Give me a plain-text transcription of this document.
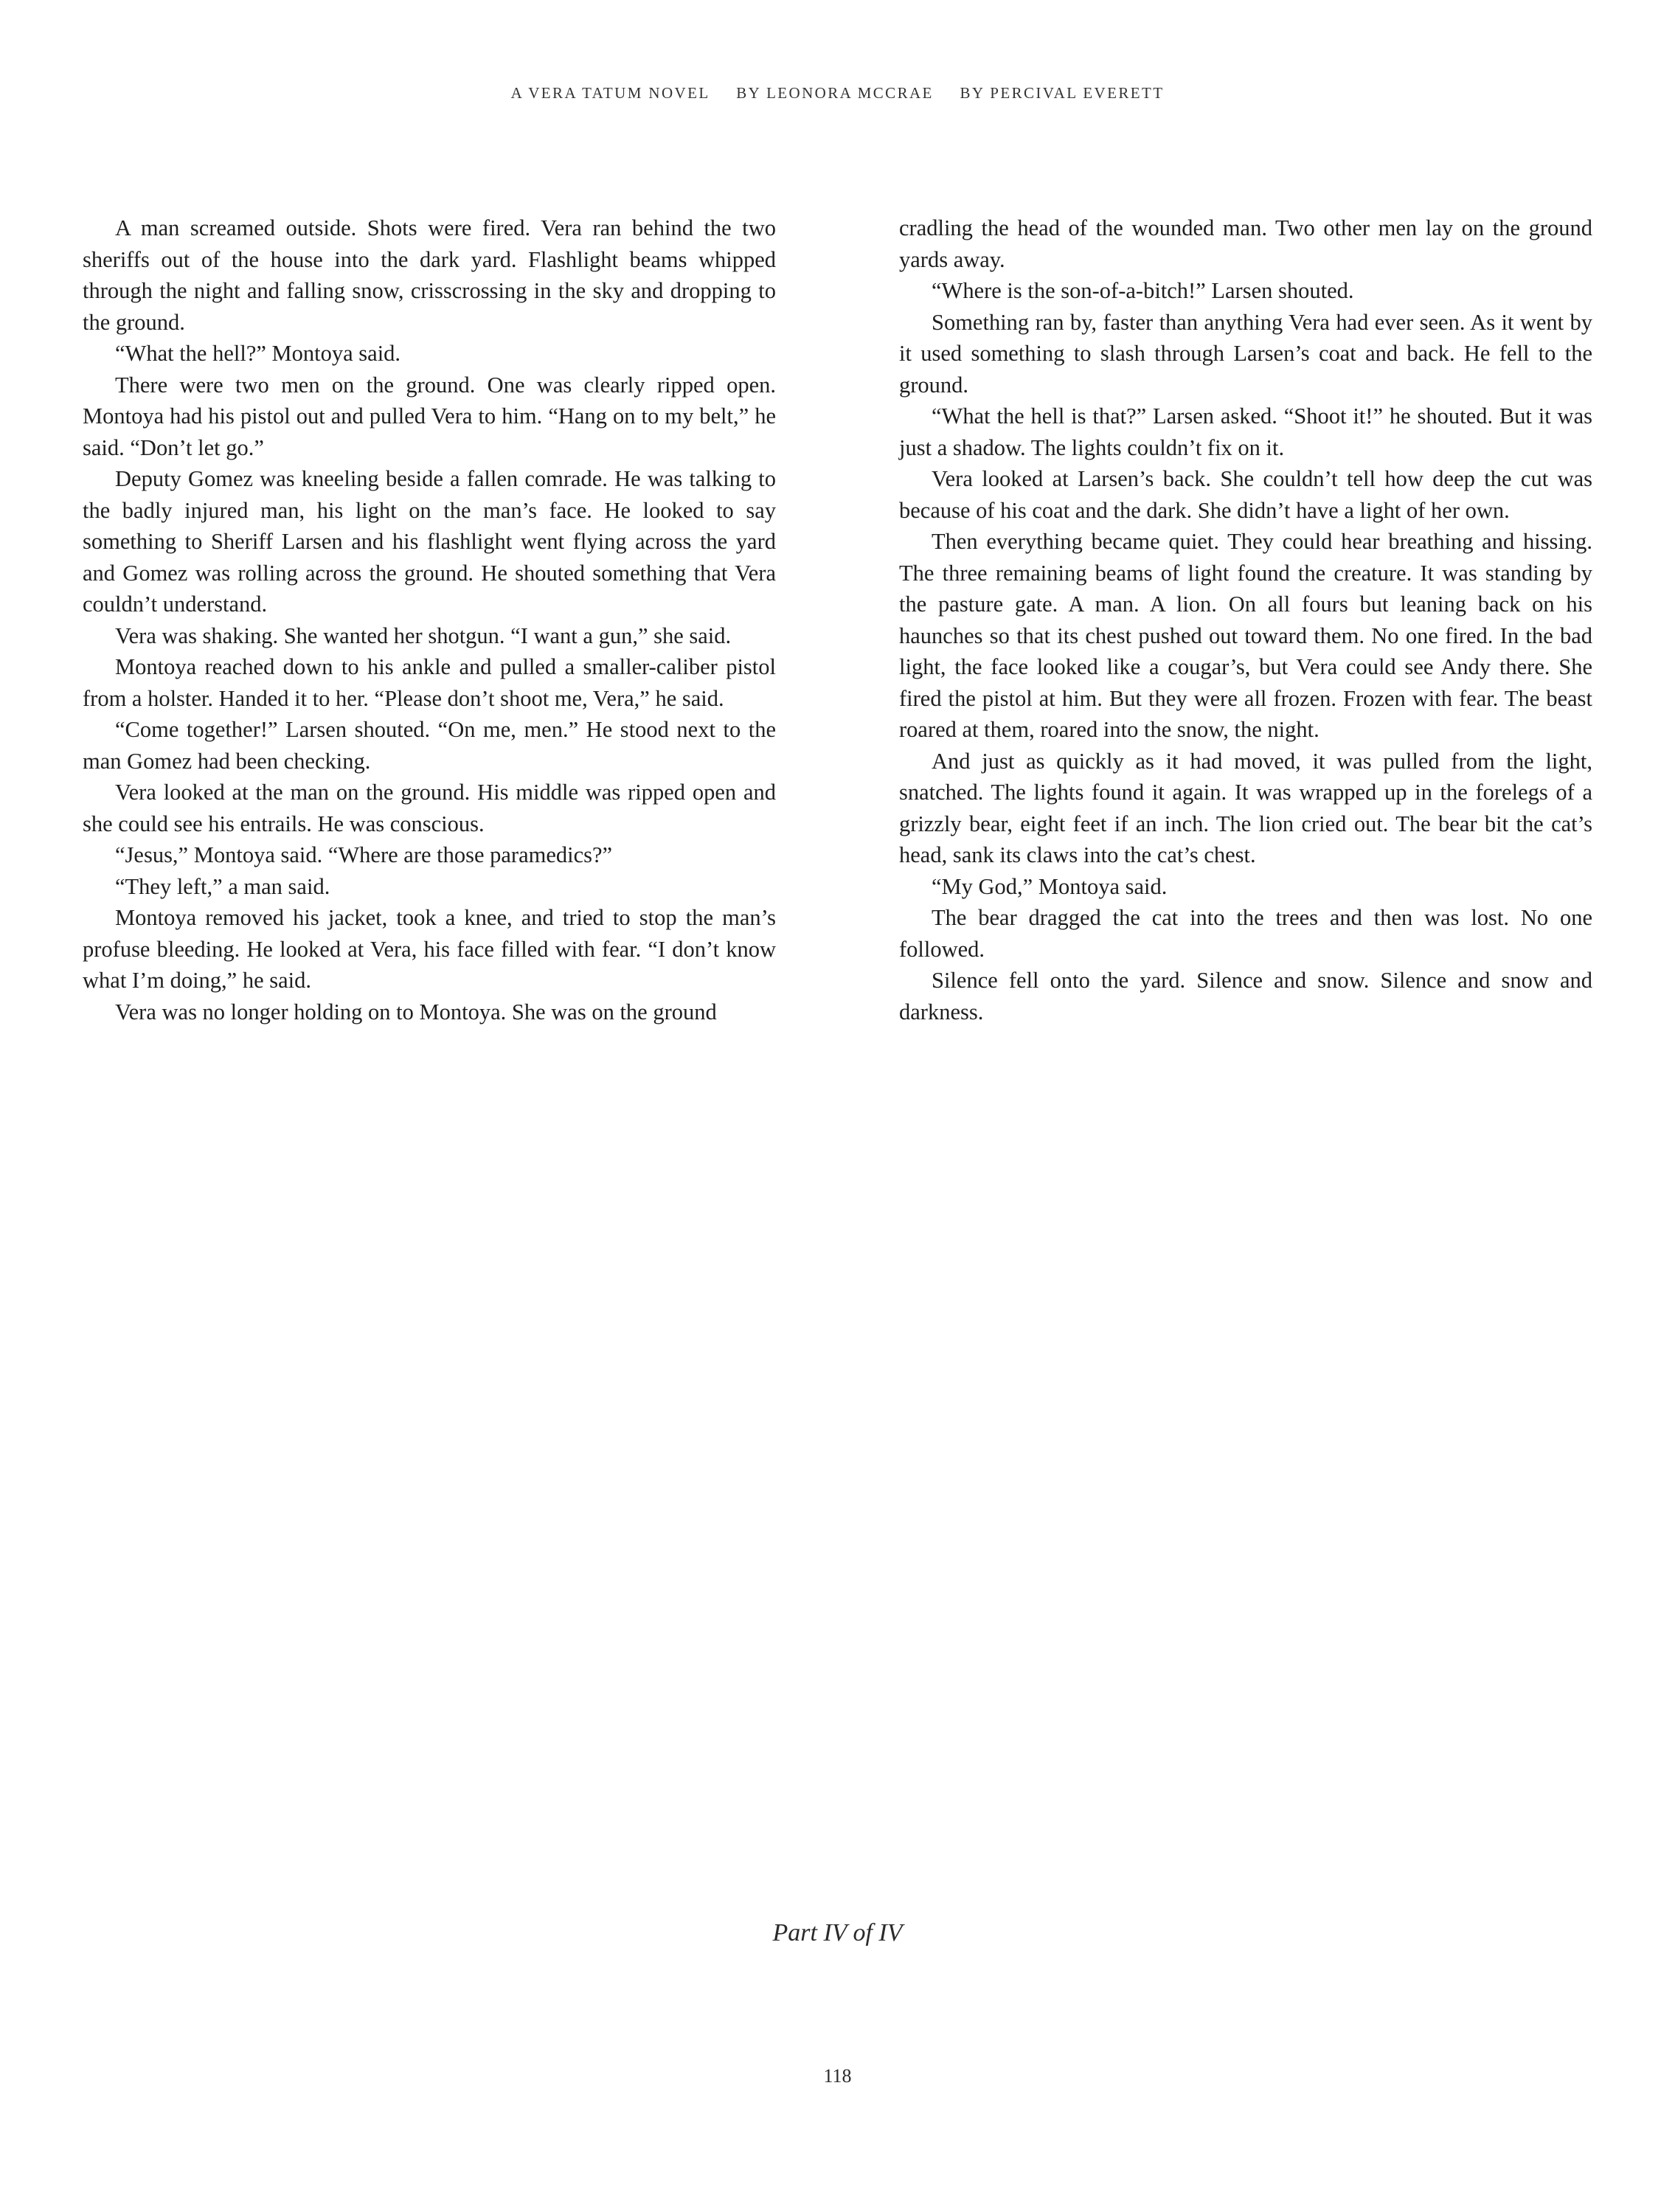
A VERA TATUM NOVEL BY LEONORA MCCRAE BY PERCIVAL EVERETT

A man screamed outside. Shots were fired. Vera ran behind the two sheriffs out of the house into the dark yard. Flashlight beams whipped through the night and falling snow, crisscrossing in the sky and dropping to the ground.

“What the hell?” Montoya said.

There were two men on the ground. One was clearly ripped open. Montoya had his pistol out and pulled Vera to him. “Hang on to my belt,” he said. “Don’t let go.”

Deputy Gomez was kneeling beside a fallen comrade. He was talking to the badly injured man, his light on the man’s face. He looked to say something to Sheriff Larsen and his flashlight went flying across the yard and Gomez was rolling across the ground. He shouted something that Vera couldn’t understand.

Vera was shaking. She wanted her shotgun. “I want a gun,” she said.

Montoya reached down to his ankle and pulled a smaller-caliber pistol from a holster. Handed it to her. “Please don’t shoot me, Vera,” he said.

“Come together!” Larsen shouted. “On me, men.” He stood next to the man Gomez had been checking.

Vera looked at the man on the ground. His middle was ripped open and she could see his entrails. He was conscious.

“Jesus,” Montoya said. “Where are those paramedics?”

“They left,” a man said.

Montoya removed his jacket, took a knee, and tried to stop the man’s profuse bleeding. He looked at Vera, his face filled with fear. “I don’t know what I’m doing,” he said.

Vera was no longer holding on to Montoya. She was on the ground

cradling the head of the wounded man. Two other men lay on the ground yards away.

“Where is the son-of-a-bitch!” Larsen shouted.

Something ran by, faster than anything Vera had ever seen. As it went by it used something to slash through Larsen’s coat and back. He fell to the ground.

“What the hell is that?” Larsen asked. “Shoot it!” he shouted. But it was just a shadow. The lights couldn’t fix on it.

Vera looked at Larsen’s back. She couldn’t tell how deep the cut was because of his coat and the dark. She didn’t have a light of her own.

Then everything became quiet. They could hear breathing and hissing. The three remaining beams of light found the creature. It was standing by the pasture gate. A man. A lion. On all fours but leaning back on his haunches so that its chest pushed out toward them. No one fired. In the bad light, the face looked like a cougar’s, but Vera could see Andy there. She fired the pistol at him. But they were all frozen. Frozen with fear. The beast roared at them, roared into the snow, the night.

And just as quickly as it had moved, it was pulled from the light, snatched. The lights found it again. It was wrapped up in the forelegs of a grizzly bear, eight feet if an inch. The lion cried out. The bear bit the cat’s head, sank its claws into the cat’s chest.

“My God,” Montoya said.

The bear dragged the cat into the trees and then was lost. No one followed.

Silence fell onto the yard. Silence and snow. Silence and snow and darkness.

Part IV of IV
118
